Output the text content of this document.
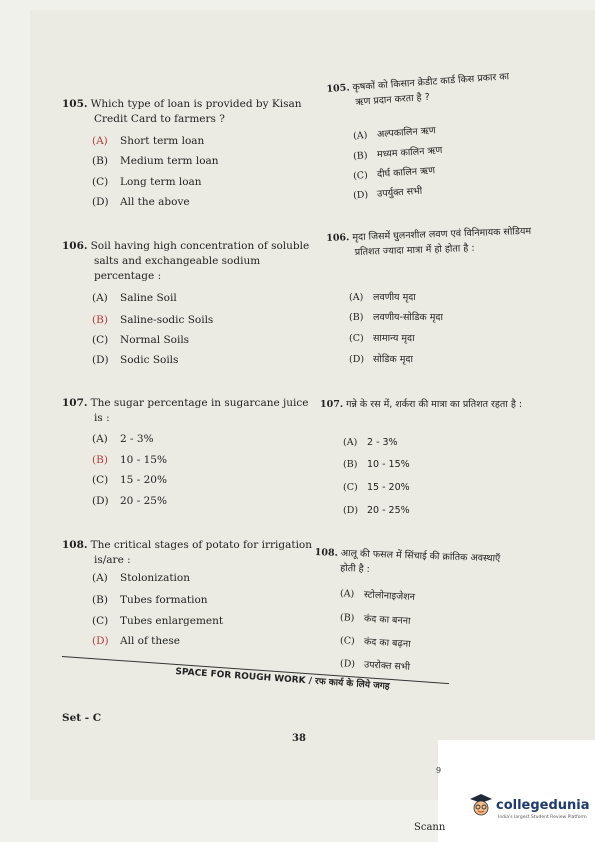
105. Which type of loan is provided by Kisan
Credit Card to farmers ?
(A) Short term loan
(B) Medium term loan
(C) Long term loan
(D) All the above
106. Soil having high concentration of soluble
salts and exchangeable sodium
percentage :
(A) Saline Soil
(B) Saline-sodic Soils
(C) Normal Soils
(D) Sodic Soils
107. The sugar percentage in sugarcane juice
is :
(A) 2 - 3%
(B) 10 - 15%
(C) 15 - 20%
(D) 20 - 25%
108. The critical stages of potato for irrigation
is/are :
(A) Stolonization
(B) Tubes formation
(C) Tubes enlargement
(D) All of these
105. कृषकों को किसान क्रेडीट कार्ड किस प्रकार का
ऋण प्रदान करता है ?
(A) अल्पकालिन ऋण
(B) मध्यम कालिन ऋण
(C) दीर्घ कालिन ऋण
(D) उपर्युक्त सभी
106. मृदा जिसमें घुलनशील लवण एवं विनिमायक सोडियम
प्रतिशत ज्यादा मात्रा में हो होता है :
(A) लवणीय मृदा
(B) लवणीय-सोडिक मृदा
(C) सामान्य मृदा
(D) सोडिक मृदा
107. गन्ने के रस में, शर्करा की मात्रा का प्रतिशत रहता है :
(A) 2 - 3%
(B) 10 - 15%
(C) 15 - 20%
(D) 20 - 25%
108. आलू की फसल में सिंचाई की क्रांतिक अवस्थाएँ
होती है :
(A) स्टोलोनाइजेशन
(B) कंद का बनना
(C) कंद का बढ़ना
(D) उपरोक्त सभी
SPACE FOR ROUGH WORK / रफ कार्य के लिये जगह
Set - C
38
9
collegedunia
India's largest Student Review Platform
Scann
